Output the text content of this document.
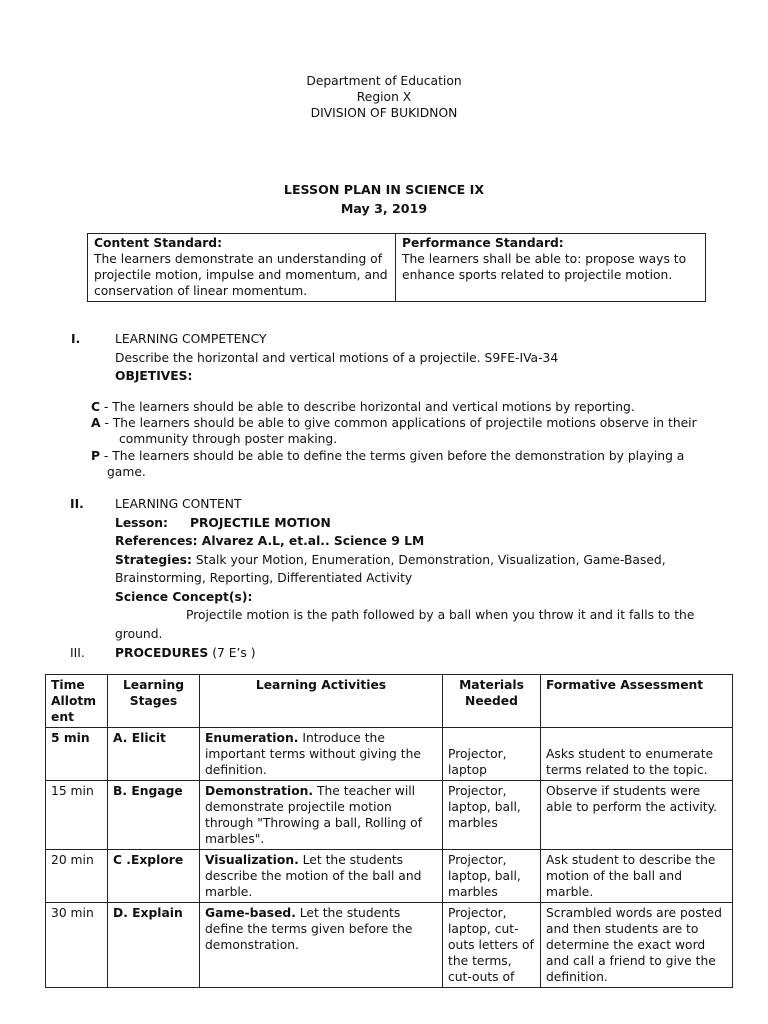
Department of Education
Region X
DIVISION OF BUKIDNON
LESSON PLAN IN SCIENCE IX
May 3, 2019
Content Standard:
The learners demonstrate an understanding of projectile motion, impulse and momentum, and conservation of linear momentum.

Performance Standard:
The learners shall be able to: propose ways to enhance sports related to projectile motion.
I.	LEARNING COMPETENCY
Describe the horizontal and vertical motions of a projectile. S9FE-IVa-34
OBJETIVES:
C - The learners should be able to describe horizontal and vertical motions by reporting.
A - The learners should be able to give common applications of projectile motions observe in their
community through poster making.
P - The learners should be able to define the terms given before the demonstration by playing a
game.
II.	LEARNING CONTENT
Lesson: PROJECTILE MOTION
References: Alvarez A.L, et.al.. Science 9 LM
Strategies: Stalk your Motion, Enumeration, Demonstration, Visualization, Game-Based,
Brainstorming, Reporting, Differentiated Activity
Science Concept(s):
Projectile motion is the path followed by a ball when you throw it and it falls to the
ground.
III.	PROCEDURES (7 E’s )
Time Allotm ent	Learning Stages	Learning Activities	Materials Needed	Formative Assessment
5 min	A. Elicit	Enumeration. Introduce the important terms without giving the definition.	Projector, laptop	Asks student to enumerate terms related to the topic.
15 min	B. Engage	Demonstration. The teacher will demonstrate projectile motion through "Throwing a ball, Rolling of marbles".	Projector, laptop, ball, marbles	Observe if students were able to perform the activity.
20 min	C .Explore	Visualization. Let the students describe the motion of the ball and marble.	Projector, laptop, ball, marbles	Ask student to describe the motion of the ball and marble.
30 min	D. Explain	Game-based. Let the students define the terms given before the demonstration.	Projector, laptop, cut-outs letters of the terms, cut-outs of	Scrambled words are posted and then students are to determine the exact word and call a friend to give the definition.
